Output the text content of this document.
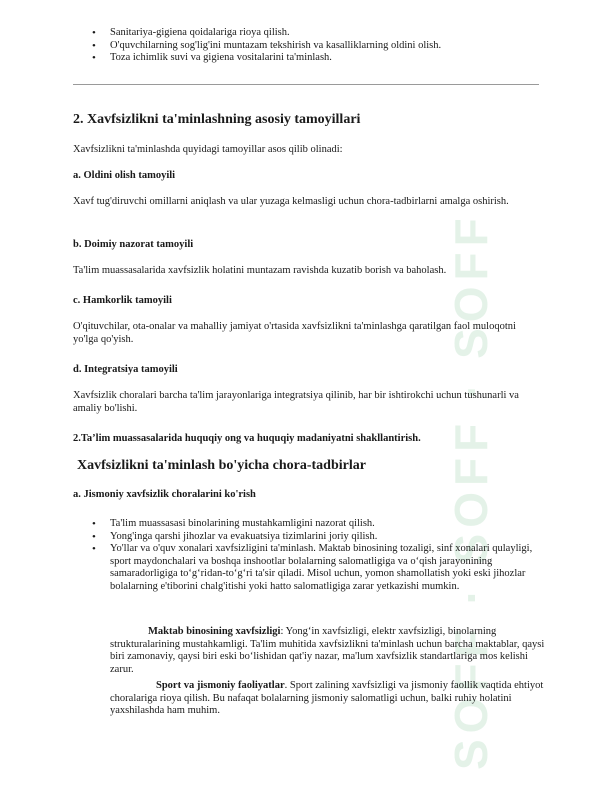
SOFF · SOFF · SOFF
• Sanitariya-gigiena qoidalariga rioya qilish.
• O'quvchilarning sog'lig'ini muntazam tekshirish va kasalliklarning oldini olish.
• Toza ichimlik suvi va gigiena vositalarini ta'minlash.
2. Xavfsizlikni ta'minlashning asosiy tamoyillari
Xavfsizlikni ta'minlashda quyidagi tamoyillar asos qilib olinadi:
a. Oldini olish tamoyili
Xavf tug'diruvchi omillarni aniqlash va ular yuzaga kelmasligi uchun chora-tadbirlarni amalga oshirish.
b. Doimiy nazorat tamoyili
Ta'lim muassasalarida xavfsizlik holatini muntazam ravishda kuzatib borish va baholash.
c. Hamkorlik tamoyili
O'qituvchilar, ota-onalar va mahalliy jamiyat o'rtasida xavfsizlikni ta'minlashga qaratilgan faol muloqotni yo'lga qo'yish.
d. Integratsiya tamoyili
Xavfsizlik choralari barcha ta'lim jarayonlariga integratsiya qilinib, har bir ishtirokchi uchun tushunarli va amaliy bo'lishi.
2.Ta’lim muassasalarida huquqiy ong va huquqiy madaniyatni shakllantirish.
Xavfsizlikni ta'minlash bo'yicha chora-tadbirlar
a. Jismoniy xavfsizlik choralarini ko'rish
• Ta'lim muassasasi binolarining mustahkamligini nazorat qilish.
• Yong'inga qarshi jihozlar va evakuatsiya tizimlarini joriy qilish.
• Yo'llar va o'quv xonalari xavfsizligini ta'minlash. Maktab binosining tozaligi, sinf xonalari qulayligi, sport maydonchalari va boshqa inshootlar bolalarning salomatligiga va o‘qish jarayonining samaradorligiga to‘g‘ridan-to‘g‘ri ta'sir qiladi. Misol uchun, yomon shamollatish yoki eski jihozlar bolalarning e'tiborini chalg'itishi yoki hatto salomatligiga zarar yetkazishi mumkin.
Maktab binosining xavfsizligi: Yong‘in xavfsizligi, elektr xavfsizligi, binolarning strukturalarining mustahkamligi. Ta'lim muhitida xavfsizlikni ta'minlash uchun barcha maktablar, qaysi biri zamonaviy, qaysi biri eski bo‘lishidan qat'iy nazar, ma'lum xavfsizlik standartlariga mos kelishi zarur.
Sport va jismoniy faoliyatlar. Sport zalining xavfsizligi va jismoniy faollik vaqtida ehtiyot choralariga rioya qilish. Bu nafaqat bolalarning jismoniy salomatligi uchun, balki ruhiy holatini yaxshilashda ham muhim.
